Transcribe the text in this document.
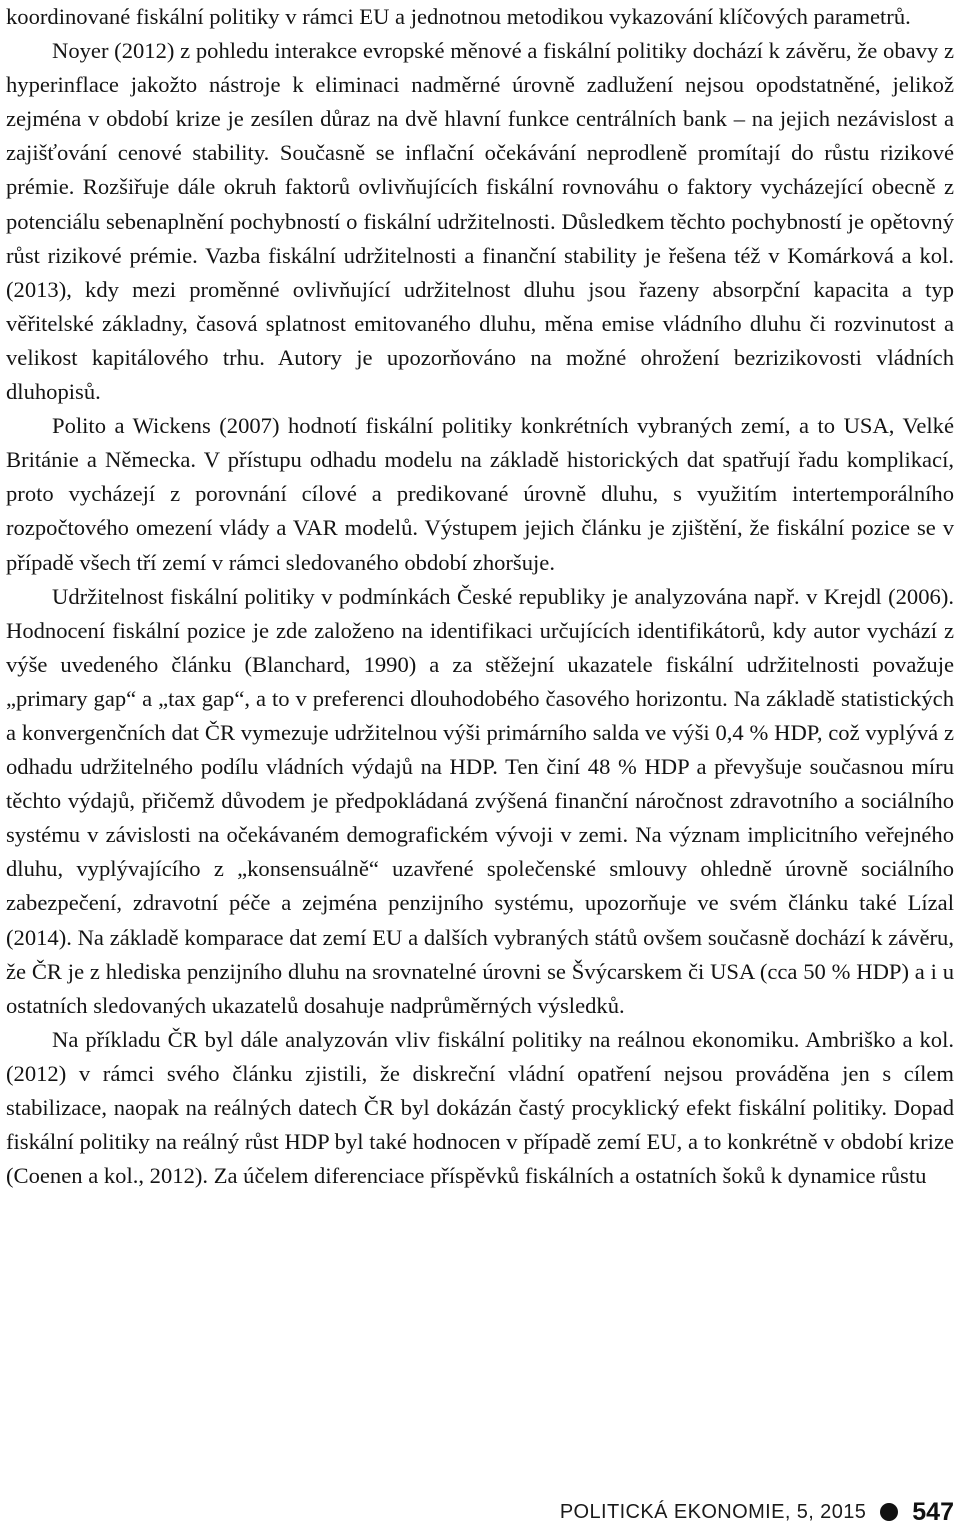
koordinované fiskální politiky v rámci EU a jednotnou metodikou vykazování klíčových parametrů.

Noyer (2012) z pohledu interakce evropské měnové a fiskální politiky dochází k závěru, že obavy z hyperinflace jakožto nástroje k eliminaci nadměrné úrovně zadlužení nejsou opodstatněné, jelikož zejména v období krize je zesílen důraz na dvě hlavní funkce centrálních bank – na jejich nezávislost a zajišťování cenové stability. Současně se inflační očekávání neprodleně promítají do růstu rizikové prémie. Rozšiřuje dále okruh faktorů ovlivňujících fiskální rovnováhu o faktory vycházející obecně z potenciálu sebenaplnění pochybností o fiskální udržitelnosti. Důsledkem těchto pochybností je opětovný růst rizikové prémie. Vazba fiskální udržitelnosti a finanční stability je řešena též v Komárková a kol. (2013), kdy mezi proměnné ovlivňující udržitelnost dluhu jsou řazeny absorpční kapacita a typ věřitelské základny, časová splatnost emitovaného dluhu, měna emise vládního dluhu či rozvinutost a velikost kapitálového trhu. Autory je upozorňováno na možné ohrožení bezrizikovosti vládních dluhopisů.

Polito a Wickens (2007) hodnotí fiskální politiky konkrétních vybraných zemí, a to USA, Velké Británie a Německa. V přístupu odhadu modelu na základě historických dat spatřují řadu komplikací, proto vycházejí z porovnání cílové a predikované úrovně dluhu, s využitím intertemporálního rozpočtového omezení vlády a VAR modelů. Výstupem jejich článku je zjištění, že fiskální pozice se v případě všech tří zemí v rámci sledovaného období zhoršuje.

Udržitelnost fiskální politiky v podmínkách České republiky je analyzována např. v Krejdl (2006). Hodnocení fiskální pozice je zde založeno na identifikaci určujících identifikátorů, kdy autor vychází z výše uvedeného článku (Blanchard, 1990) a za stěžejní ukazatele fiskální udržitelnosti považuje „primary gap“ a „tax gap“, a to v preferenci dlouhodobého časového horizontu. Na základě statistických a konvergenčních dat ČR vymezuje udržitelnou výši primárního salda ve výši 0,4 % HDP, což vyplývá z odhadu udržitelného podílu vládních výdajů na HDP. Ten činí 48 % HDP a převyšuje současnou míru těchto výdajů, přičemž důvodem je předpokládaná zvýšená finanční náročnost zdravotního a sociálního systému v závislosti na očekávaném demografickém vývoji v zemi. Na význam implicitního veřejného dluhu, vyplývajícího z „konsensuálně“ uzavřené společenské smlouvy ohledně úrovně sociálního zabezpečení, zdravotní péče a zejména penzijního systému, upozorňuje ve svém článku také Lízal (2014). Na základě komparace dat zemí EU a dalších vybraných států ovšem současně dochází k závěru, že ČR je z hlediska penzijního dluhu na srovnatelné úrovni se Švýcarskem či USA (cca 50 % HDP) a i u ostatních sledovaných ukazatelů dosahuje nadprůměrných výsledků.

Na příkladu ČR byl dále analyzován vliv fiskální politiky na reálnou ekonomiku. Ambriško a kol. (2012) v rámci svého článku zjistili, že diskreční vládní opatření nejsou prováděna jen s cílem stabilizace, naopak na reálných datech ČR byl dokázán častý procyklický efekt fiskální politiky. Dopad fiskální politiky na reálný růst HDP byl také hodnocen v případě zemí EU, a to konkrétně v období krize (Coenen a kol., 2012). Za účelem diferenciace příspěvků fiskálních a ostatních šoků k dynamice růstu

POLITICKÁ EKONOMIE, 5, 2015 547
